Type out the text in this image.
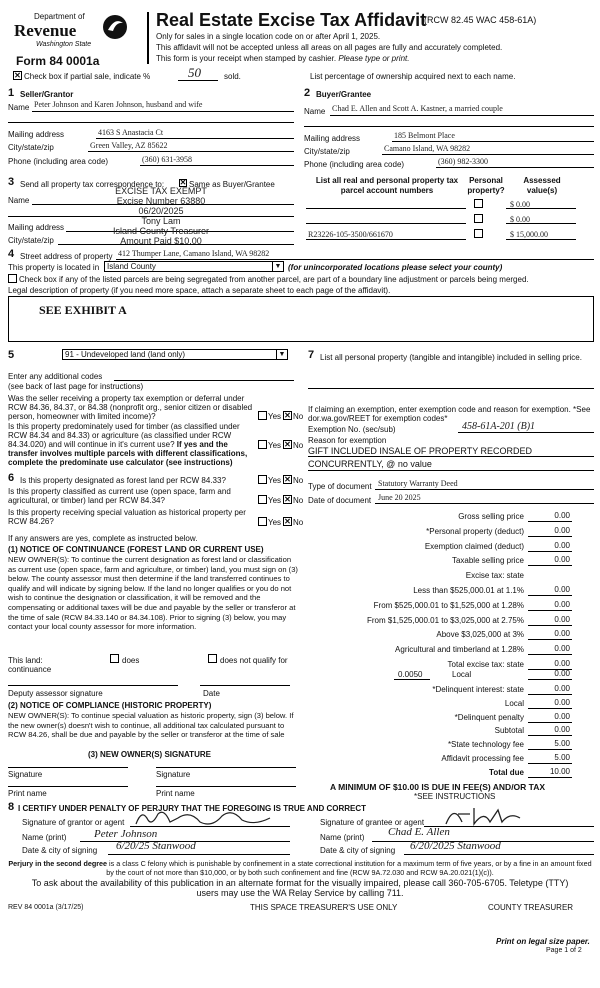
Department of
Revenue
Washington State
Form 84 0001a
Real Estate Excise Tax Affidavit
(RCW 82.45 WAC 458-61A)
Only for sales in a single location code on or after April 1, 2025.
This affidavit will not be accepted unless all areas on all pages are fully and accurately completed.
This form is your receipt when stamped by cashier. Please type or print.
✕
Check box if partial sale, indicate %	50	sold.	List percentage of ownership acquired next to each name.
1 Seller/Grantor
Name Peter Johnson and Karen Johnson, husband and wife
Mailing address	4163 S Anastacia Ct
City/state/zip	Green Valley, AZ 85622
Phone (including area code)	(360) 631-3958
2 Buyer/Grantee
Name Chad E. Allen and Scott A. Kastner, a married couple
Mailing address	185 Belmont Place
City/state/zip	Camano Island, WA 98282
Phone (including area code)	(360) 982-3300
3 Send all property tax correspondence to: ✕	Same as Buyer/Grantee
Name
Mailing address
City/state/zip
EXCISE TAX EXEMPT
Excise Number 63880
06/20/2025
Tony Lam
Island County Treasurer
Amount Paid $10.00
List all real and personal property tax parcel account numbers
Personal property?
Assessed value(s)
$ 0.00
$ 0.00
R23226-105-3500/661670	$ 15,000.00
4 Street address of property 412 Thumper Lane, Camano Island, WA 98282
This property is located in Island County	▼ (for unincorporated locations please select your county)
Check box if any of the listed parcels are being segregated from another parcel, are part of a boundary line adjustment or parcels being merged.
Legal description of property (if you need more space, attach a separate sheet to each page of the affidavit).
SEE EXHIBIT A
5	91 - Undeveloped land (land only)	▼
Enter any additional codes
(see back of last page for instructions)
Was the seller receiving a property tax exemption or deferral under RCW 84.36, 84.37, or 84.38 (nonprofit org., senior citizen or disabled person, homeowner with limited income)?	Yes ✕ No
Is this property predominately used for timber (as classified under RCW 84.34 and 84.33) or agriculture (as classified under RCW 84.34.020) and will continue in it's current use? If yes and the transfer involves multiple parcels with different classifications, complete the predominate use calculator (see instructions)
Yes ✕ No
6 Is this property designated as forest land per RCW 84.33?	Yes ✕ No
Is this property classified as current use (open space, farm and agricultural, or timber) land per RCW 84.34?	Yes ✕ No
Is this property receiving special valuation as historical property per RCW 84.26?	Yes ✕ No
If any answers are yes, complete as instructed below.
(1) NOTICE OF CONTINUANCE (FOREST LAND OR CURRENT USE)
NEW OWNER(S): To continue the current designation as forest land or classification as current use (open space, farm and agriculture, or timber) land, you must sign on (3) below. The county assessor must then determine if the land transferred continues to qualify and will indicate by signing below. If the land no longer qualifies or you do not wish to continue the designation or classification, it will be removed and the compensating or additional taxes will be due and payable by the seller or transferor at the time of sale (RCW 84.33.140 or 84.34.108). Prior to signing (3) below, you may contact your local county assessor for more information.
This land:	does	does not qualify for
continuance
Deputy assessor signature	Date
(2) NOTICE OF COMPLIANCE (HISTORIC PROPERTY)
NEW OWNER(S): To continue special valuation as historic property, sign (3) below. If the new owner(s) doesn't wish to continue, all additional tax calculated pursuant to RCW 84.26, shall be due and payable by the seller or transferor at the time of sale
(3) NEW OWNER(S) SIGNATURE
Signature	Signature
Print name	Print name
7 List all personal property (tangible and intangible) included in selling price.
If claiming an exemption, enter exemption code and reason for exemption. *See dor.wa.gov/REET for exemption codes*
Exemption No. (sec/sub)	458-61A-201 (B)1
Reason for exemption
GIFT INCLUDED INSALE OF PROPERTY RECORDED
CONCURRENTLY, @ no value
Type of document Statutory Warranty Deed
Date of document June 20 2025
Gross selling price	0.00
*Personal property (deduct)	0.00
Exemption claimed (deduct)	0.00
Taxable selling price	0.00
Excise tax: state
Less than $525,000.01 at 1.1%	0.00
From $525,000.01 to $1,525,000 at 1.28%	0.00
From $1,525,000.01 to $3,025,000 at 2.75%	0.00
Above $3,025,000 at 3%	0.00
Agricultural and timberland at 1.28%	0.00
Total excise tax: state	0.00
0.0050	Local	0.00
*Delinquent interest: state	0.00
Local	0.00
*Delinquent penalty	0.00
Subtotal	0.00
*State technology fee	5.00
Affidavit processing fee	5.00
Total due	10.00
A MINIMUM OF $10.00 IS DUE IN FEE(S) AND/OR TAX
*SEE INSTRUCTIONS
8 I CERTIFY UNDER PENALTY OF PERJURY THAT THE FOREGOING IS TRUE AND CORRECT
Signature of grantor or agent
Name (print)	Peter Johnson
Date & city of signing 6/20/25 Stanwood
Signature of grantee or agent
Name (print) Chad E. Allen
Date & city of signing 6/20/2025 Stanwood
Perjury in the second degree is a class C felony which is punishable by confinement in a state correctional institution for a maximum term of five years, or by a fine in an amount fixed by the court of not more than $10,000, or by both such confinement and fine (RCW 9A.72.030 and RCW 9A.20.021(1)(c)).
To ask about the availability of this publication in an alternate format for the visually impaired, please call 360-705-6705. Teletype (TTY) users may use the WA Relay Service by calling 711.
REV 84 0001a (3/17/25)	THIS SPACE TREASURER'S USE ONLY	COUNTY TREASURER
Print on legal size paper.
Page 1 of 2
